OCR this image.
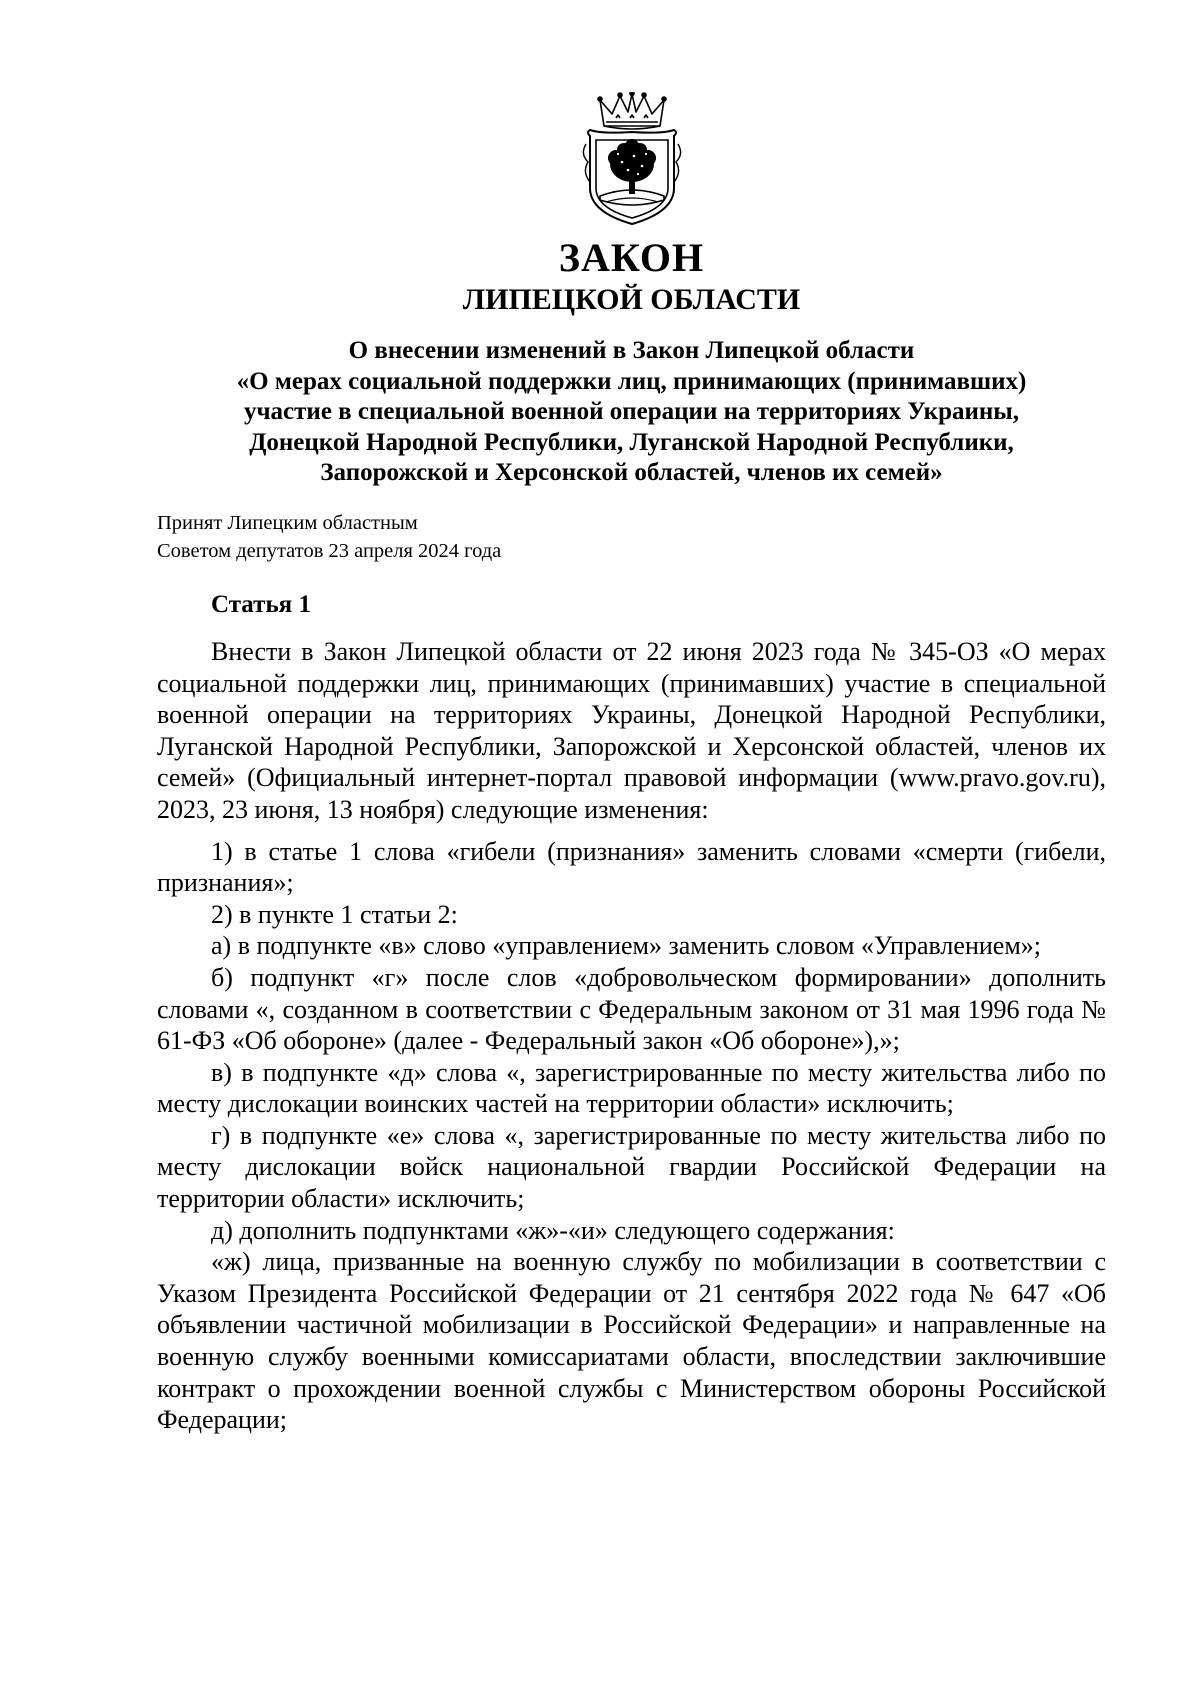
ЗАКОН
ЛИПЕЦКОЙ ОБЛАСТИ
О внесении изменений в Закон Липецкой области
«О мерах социальной поддержки лиц, принимающих (принимавших)
участие в специальной военной операции на территориях Украины,
Донецкой Народной Республики, Луганской Народной Республики,
Запорожской и Херсонской областей, членов их семей»
Принят Липецким областным
Советом депутатов 23 апреля 2024 года
Статья 1

Внести в Закон Липецкой области от 22 июня 2023 года № 345-ОЗ «О мерах социальной поддержки лиц, принимающих (принимавших) участие в специальной военной операции на территориях Украины, Донецкой Народной Республики, Луганской Народной Республики, Запорожской и Херсонской областей, членов их семей» (Официальный интернет-портал правовой информации (www.pravo.gov.ru), 2023, 23 июня, 13 ноября) следующие изменения:

1) в статье 1 слова «гибели (признания» заменить словами «смерти (гибели, признания»;

2) в пункте 1 статьи 2:

а) в подпункте «в» слово «управлением» заменить словом «Управлением»;

б) подпункт «г» после слов «добровольческом формировании» дополнить словами «, созданном в соответствии с Федеральным законом от 31 мая 1996 года № 61-ФЗ «Об обороне» (далее - Федеральный закон «Об обороне»),»;

в) в подпункте «д» слова «, зарегистрированные по месту жительства либо по месту дислокации воинских частей на территории области» исключить;

г) в подпункте «е» слова «, зарегистрированные по месту жительства либо по месту дислокации войск национальной гвардии Российской Федерации на территории области» исключить;

д) дополнить подпунктами «ж»-«и» следующего содержания:

«ж) лица, призванные на военную службу по мобилизации в соответствии с Указом Президента Российской Федерации от 21 сентября 2022 года № 647 «Об объявлении частичной мобилизации в Российской Федерации» и направленные на военную службу военными комиссариатами области, впоследствии заключившие контракт о прохождении военной службы с Министерством обороны Российской Федерации;
